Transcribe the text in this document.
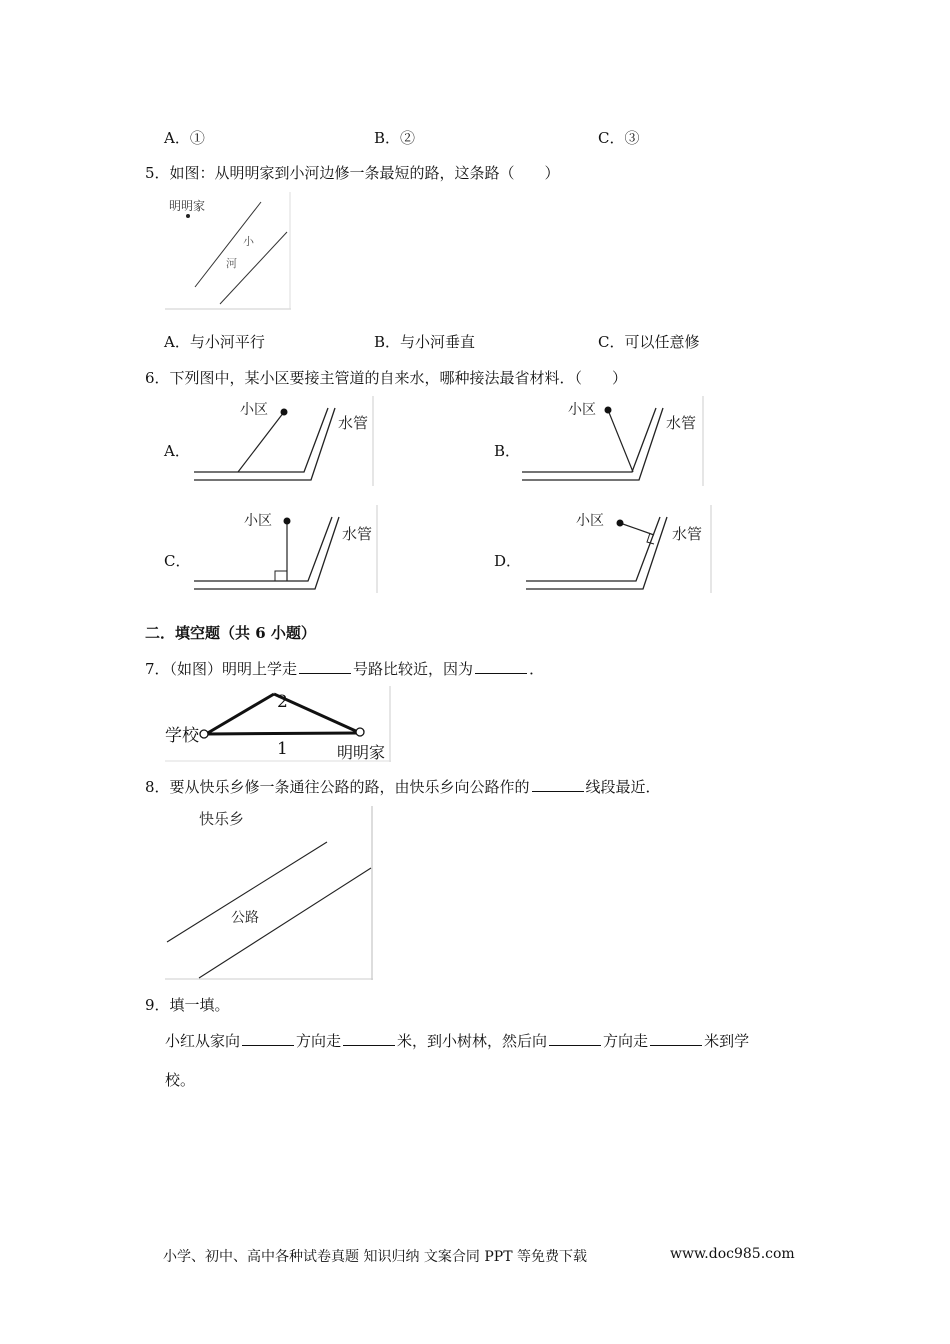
A．①	B．②	C．③
5．如图：从明明家到小河边修一条最短的路，这条路（　　）
明明家
小
河
A．与小河平行	B．与小河垂直	C．可以任意修
6．下列图中，某小区要接主管道的自来水，哪种接法最省材料．（　　）
A．
小区
水管
B．
小区
水管
C．
小区
水管
D．
小区
水管
二．填空题（共 6 小题）
7．（如图）明明上学走	号路比较近，因为	．
学校
明明家
1
2
8．要从快乐乡修一条通往公路的路，由快乐乡向公路作的	线段最近．
快乐乡
公路
9．填一填。
小红从家向	方向走	米，到小树林，然后向	方向走	米到学
校。
小学、初中、高中各种试卷真题 知识归纳 文案合同 PPT 等免费下载	www.doc985.com
